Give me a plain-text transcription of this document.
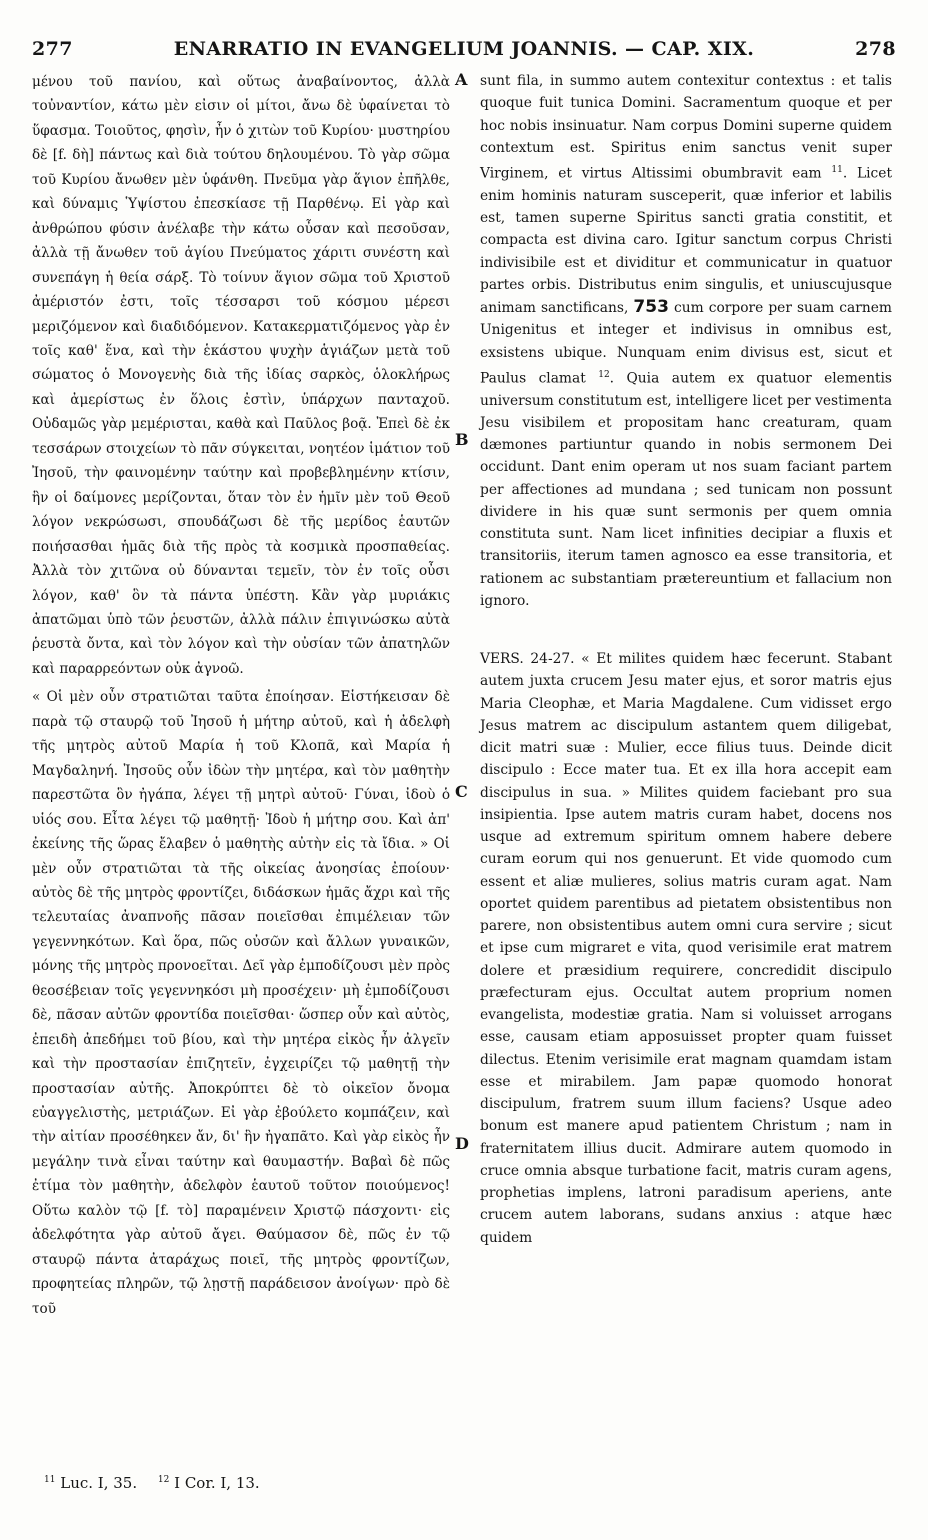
277	ENARRATIO IN EVANGELIUM JOANNIS. — CAP. XIX.	278

μένου τοῦ πανίου, καὶ οὕτως ἀναβαίνοντος, ἀλλὰ τοὐναντίον, κάτω μὲν εἰσιν οἱ μίτοι, ἄνω δὲ ὑφαίνεται τὸ ὕφασμα. Τοιοῦτος, φησὶν, ἦν ὁ χιτὼν τοῦ Κυρίου· μυστηρίου δὲ [f. δὴ] πάντως καὶ διὰ τούτου δηλουμένου. Τὸ γὰρ σῶμα τοῦ Κυρίου ἄνωθεν μὲν ὑφάνθη. Πνεῦμα γὰρ ἅγιον ἐπῆλθε, καὶ δύναμις Ὑψίστου ἐπεσκίασε τῇ Παρθένῳ. Εἰ γὰρ καὶ ἀνθρώπου φύσιν ἀνέλαβε τὴν κάτω οὖσαν καὶ πεσοῦσαν, ἀλλὰ τῇ ἄνωθεν τοῦ ἁγίου Πνεύματος χάριτι συνέστη καὶ συνεπάγη ἡ θεία σάρξ. Τὸ τοίνυν ἅγιον σῶμα τοῦ Χριστοῦ ἀμέριστόν ἐστι, τοῖς τέσσαρσι τοῦ κόσμου μέρεσι μεριζόμενον καὶ διαδιδόμενον. Κατακερματιζόμενος γὰρ ἐν τοῖς καθ' ἕνα, καὶ τὴν ἑκάστου ψυχὴν ἁγιάζων μετὰ τοῦ σώματος ὁ Μονογενὴς διὰ τῆς ἰδίας σαρκὸς, ὁλοκλήρως καὶ ἀμερίστως ἐν ὅλοις ἐστὶν, ὑπάρχων πανταχοῦ. Οὐδαμῶς γὰρ μεμέρισται, καθὰ καὶ Παῦλος βοᾷ. Ἐπεὶ δὲ ἐκ τεσσάρων στοιχείων τὸ πᾶν σύγκειται, νοητέον ἱμάτιον τοῦ Ἰησοῦ, τὴν φαινομένην ταύτην καὶ προβεβλημένην κτίσιν, ἣν οἱ δαίμονες μερίζονται, ὅταν τὸν ἐν ἡμῖν μὲν τοῦ Θεοῦ λόγον νεκρώσωσι, σπουδάζωσι δὲ τῆς μερίδος ἑαυτῶν ποιήσασθαι ἡμᾶς διὰ τῆς πρὸς τὰ κοσμικὰ προσπαθείας. Ἀλλὰ τὸν χιτῶνα οὐ δύνανται τεμεῖν, τὸν ἐν τοῖς οὖσι λόγον, καθ' ὃν τὰ πάντα ὑπέστη. Κἂν γὰρ μυριάκις ἀπατῶμαι ὑπὸ τῶν ῥευστῶν, ἀλλὰ πάλιν ἐπιγινώσκω αὐτὰ ῥευστὰ ὄντα, καὶ τὸν λόγον καὶ τὴν οὐσίαν τῶν ἀπατηλῶν καὶ παραρρεόντων οὐκ ἀγνοῶ.

« Οἱ μὲν οὖν στρατιῶται ταῦτα ἐποίησαν. Εἱστήκεισαν δὲ παρὰ τῷ σταυρῷ τοῦ Ἰησοῦ ἡ μήτηρ αὐτοῦ, καὶ ἡ ἀδελφὴ τῆς μητρὸς αὐτοῦ Μαρία ἡ τοῦ Κλοπᾶ, καὶ Μαρία ἡ Μαγδαληνή. Ἰησοῦς οὖν ἰδὼν τὴν μητέρα, καὶ τὸν μαθητὴν παρεστῶτα ὃν ἠγάπα, λέγει τῇ μητρὶ αὐτοῦ· Γύναι, ἰδοὺ ὁ υἱός σου. Εἶτα λέγει τῷ μαθητῇ· Ἰδοὺ ἡ μήτηρ σου. Καὶ ἀπ' ἐκείνης τῆς ὥρας ἔλαβεν ὁ μαθητὴς αὐτὴν εἰς τὰ ἴδια. » Οἱ μὲν οὖν στρατιῶται τὰ τῆς οἰκείας ἀνοησίας ἐποίουν· αὐτὸς δὲ τῆς μητρὸς φροντίζει, διδάσκων ἡμᾶς ἄχρι καὶ τῆς τελευταίας ἀναπνοῆς πᾶσαν ποιεῖσθαι ἐπιμέλειαν τῶν γεγεννηκότων. Καὶ ὅρα, πῶς οὐσῶν καὶ ἄλλων γυναικῶν, μόνης τῆς μητρὸς προνοεῖται. Δεῖ γὰρ ἐμποδίζουσι μὲν πρὸς θεοσέβειαν τοῖς γεγεννηκόσι μὴ προσέχειν· μὴ ἐμποδίζουσι δὲ, πᾶσαν αὐτῶν φροντίδα ποιεῖσθαι· ὥσπερ οὖν καὶ αὐτὸς, ἐπειδὴ ἀπεδήμει τοῦ βίου, καὶ τὴν μητέρα εἰκὸς ἦν ἀλγεῖν καὶ τὴν προστασίαν ἐπιζητεῖν, ἐγχειρίζει τῷ μαθητῇ τὴν προστασίαν αὐτῆς. Ἀποκρύπτει δὲ τὸ οἰκεῖον ὄνομα εὐαγγελιστὴς, μετριάζων. Εἰ γὰρ ἐβούλετο κομπάζειν, καὶ τὴν αἰτίαν προσέθηκεν ἄν, δι' ἣν ἠγαπᾶτο. Καὶ γὰρ εἰκὸς ἦν μεγάλην τινὰ εἶναι ταύτην καὶ θαυμαστήν. Βαβαὶ δὲ πῶς ἐτίμα τὸν μαθητὴν, ἀδελφὸν ἑαυτοῦ τοῦτον ποιούμενος! Οὕτω καλὸν τῷ [f. τὸ] παραμένειν Χριστῷ πάσχοντι· εἰς ἀδελφότητα γὰρ αὐτοῦ ἄγει. Θαύμασον δὲ, πῶς ἐν τῷ σταυρῷ πάντα ἀταράχως ποιεῖ, τῆς μητρὸς φροντίζων, προφητείας πληρῶν, τῷ λῃστῇ παράδεισον ἀνοίγων· πρὸ δὲ τοῦ

A
B
C
D

sunt fila, in summo autem contexitur contextus : et talis quoque fuit tunica Domini. Sacramentum quoque et per hoc nobis insinuatur. Nam corpus Domini superne quidem contextum est. Spiritus enim sanctus venit super Virginem, et virtus Altissimi obumbravit eam $^{11}$. Licet enim hominis naturam susceperit, quæ inferior et labilis est, tamen superne Spiritus sancti gratia constitit, et compacta est divina caro. Igitur sanctum corpus Christi indivisibile est et dividitur et communicatur in quatuor partes orbis. Distributus enim singulis, et uniuscujusque animam sanctificans, 753 cum corpore per suam carnem Unigenitus et integer et indivisus in omnibus est, exsistens ubique. Nunquam enim divisus est, sicut et Paulus clamat $^{12}$. Quia autem ex quatuor elementis universum constitutum est, intelligere licet per vestimenta Jesu visibilem et propositam hanc creaturam, quam dæmones partiuntur quando in nobis sermonem Dei occidunt. Dant enim operam ut nos suam faciant partem per affectiones ad mundana ; sed tunicam non possunt dividere in his quæ sunt sermonis per quem omnia constituta sunt. Nam licet infinities decipiar a fluxis et transitoriis, iterum tamen agnosco ea esse transitoria, et rationem ac substantiam prætereuntium et fallacium non ignoro.

VERS. 24-27. « Et milites quidem hæc fecerunt. Stabant autem juxta crucem Jesu mater ejus, et soror matris ejus Maria Cleophæ, et Maria Magdalene. Cum vidisset ergo Jesus matrem ac discipulum astantem quem diligebat, dicit matri suæ : Mulier, ecce filius tuus. Deinde dicit discipulo : Ecce mater tua. Et ex illa hora accepit eam discipulus in sua. » Milites quidem faciebant pro sua insipientia. Ipse autem matris curam habet, docens nos usque ad extremum spiritum omnem habere debere curam eorum qui nos genuerunt. Et vide quomodo cum essent et aliæ mulieres, solius matris curam agat. Nam oportet quidem parentibus ad pietatem obsistentibus non parere, non obsistentibus autem omni cura servire ; sicut et ipse cum migraret e vita, quod verisimile erat matrem dolere et præsidium requirere, concredidit discipulo præfecturam ejus. Occultat autem proprium nomen evangelista, modestiæ gratia. Nam si voluisset arrogans esse, causam etiam apposuisset propter quam fuisset dilectus. Etenim verisimile erat magnam quamdam istam esse et mirabilem. Jam papæ quomodo honorat discipulum, fratrem suum illum faciens? Usque adeo bonum est manere apud patientem Christum ; nam in fraternitatem illius ducit. Admirare autem quomodo in cruce omnia absque turbatione facit, matris curam agens, prophetias implens, latroni paradisum aperiens, ante crucem autem laborans, sudans anxius : atque hæc quidem

$^{11}$ Luc. I, 35. $^{12}$ I Cor. I, 13.
